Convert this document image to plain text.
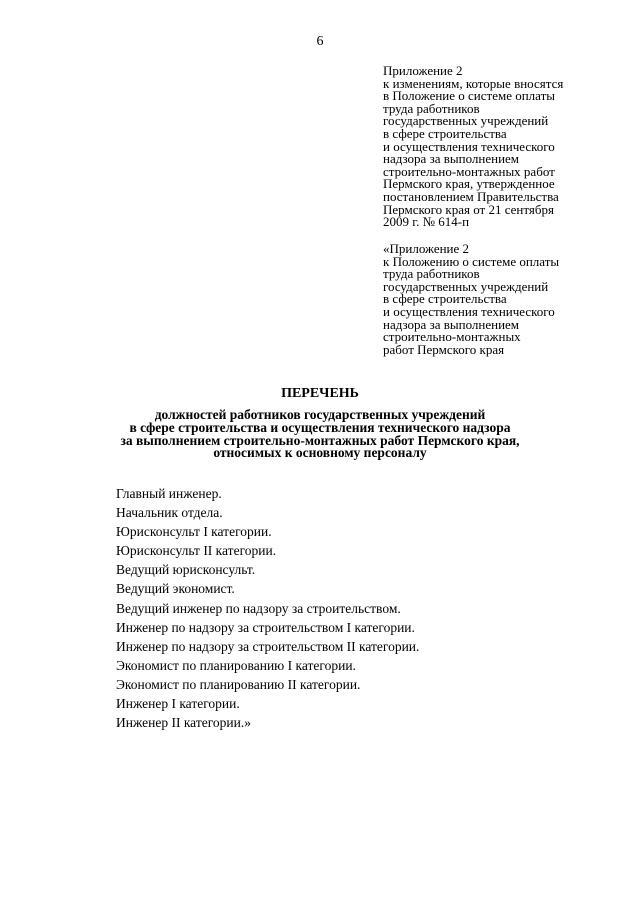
6
Приложение 2
к изменениям, которые вносятся
в Положение о системе оплаты
труда работников
государственных учреждений
в сфере строительства
и осуществления технического
надзора за выполнением
строительно-монтажных работ
Пермского края, утвержденное
постановлением Правительства
Пермского края от 21 сентября
2009 г. № 614-п
«Приложение 2
к Положению о системе оплаты
труда работников
государственных учреждений
в сфере строительства
и осуществления технического
надзора за выполнением
строительно-монтажных
работ Пермского края
ПЕРЕЧЕНЬ
должностей работников государственных учреждений
в сфере строительства и осуществления технического надзора
за выполнением строительно-монтажных работ Пермского края,
относимых к основному персоналу
Главный инженер.
Начальник отдела.
Юрисконсульт I категории.
Юрисконсульт II категории.
Ведущий юрисконсульт.
Ведущий экономист.
Ведущий инженер по надзору за строительством.
Инженер по надзору за строительством I категории.
Инженер по надзору за строительством II категории.
Экономист по планированию I категории.
Экономист по планированию II категории.
Инженер I категории.
Инженер II категории.»
